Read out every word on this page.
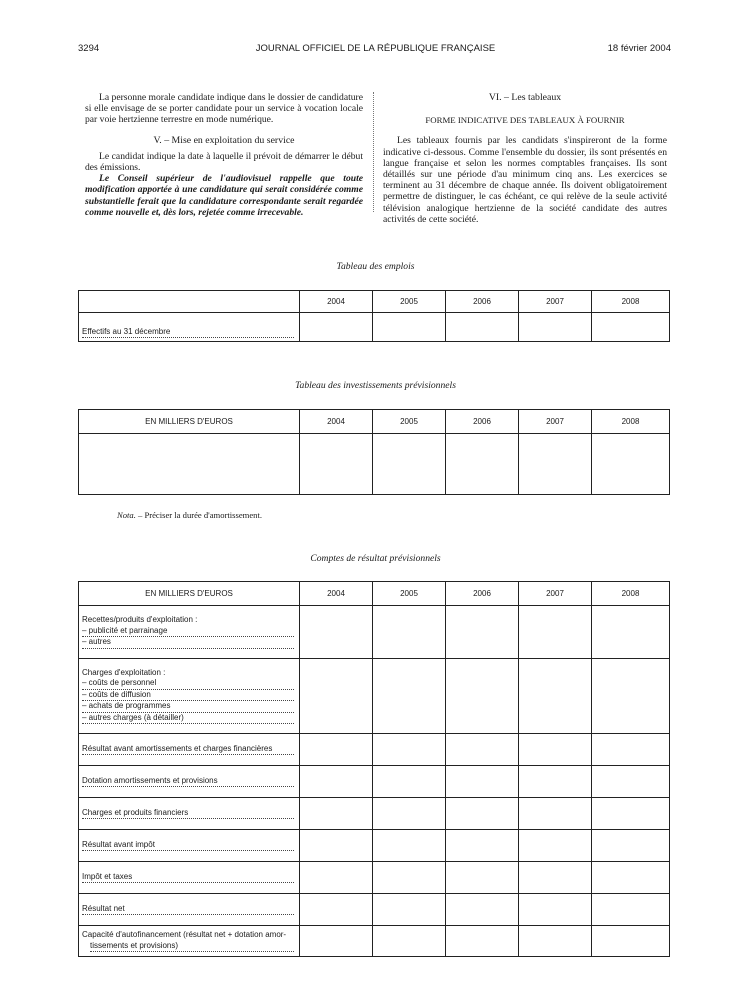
3294	JOURNAL OFFICIEL DE LA RÉPUBLIQUE FRANÇAISE	18 février 2004

La personne morale candidate indique dans le dossier de candidature si elle envisage de se porter candidate pour un service à vocation locale par voie hertzienne terrestre en mode numérique.

V. – Mise en exploitation du service

Le candidat indique la date à laquelle il prévoit de démarrer le début des émissions.

Le Conseil supérieur de l'audiovisuel rappelle que toute modification apportée à une candidature qui serait considérée comme substantielle ferait que la candidature correspondante serait regardée comme nouvelle et, dès lors, rejetée comme irrecevable.

VI. – Les tableaux

FORME INDICATIVE DES TABLEAUX À FOURNIR

Les tableaux fournis par les candidats s'inspireront de la forme indicative ci-dessous. Comme l'ensemble du dossier, ils sont présentés en langue française et selon les normes comptables françaises. Ils sont détaillés sur une période d'au minimum cinq ans. Les exercices se terminent au 31 décembre de chaque année. Ils doivent obligatoirement permettre de distinguer, le cas échéant, ce qui relève de la seule activité télévision analogique hertzienne de la société candidate des autres activités de cette société.

Tableau des emplois
	2004	2005	2006	2007	2008
Effectifs au 31 décembre					
Tableau des investissements prévisionnels
EN MILLIERS D'EUROS	2004	2005	2006	2007	2008

Nota. – Préciser la durée d'amortissement.
Comptes de résultat prévisionnels
EN MILLIERS D'EUROS	2004	2005	2006	2007	2008

Recettes/produits d'exploitation :
– publicité et parrainage
– autres					

Charges d'exploitation :
– coûts de personnel
– coûts de diffusion
– achats de programmes
– autres charges (à détailler)					

Résultat avant amortissements et charges financières					
Dotation amortissements et provisions					
Charges et produits financiers					
Résultat avant impôt					
Impôt et taxes					
Résultat net					

Capacité d'autofinancement (résultat net + dotation amor-
tissements et provisions)					
